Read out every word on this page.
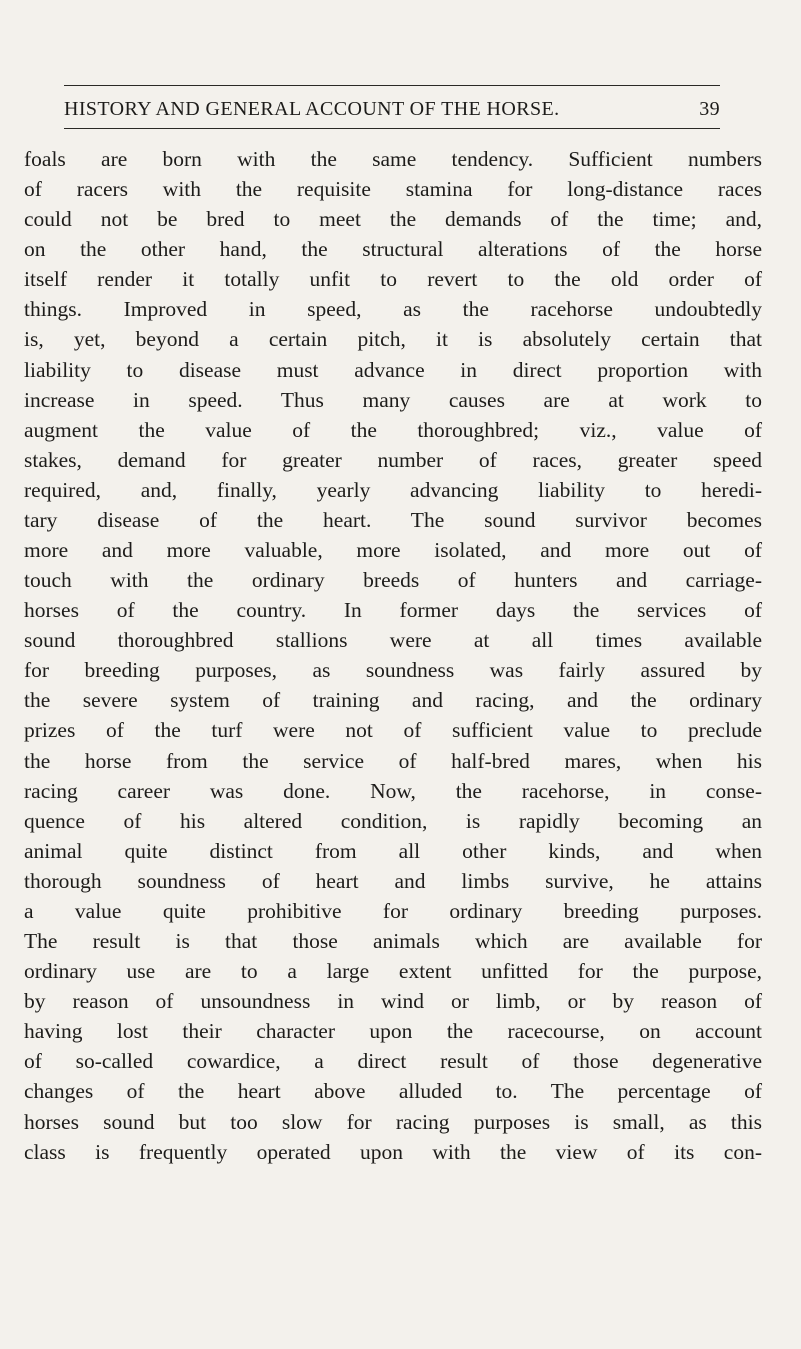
HISTORY AND GENERAL ACCOUNT OF THE HORSE.	39
foals are born with the same tendency. Sufficient numbers
of racers with the requisite stamina for long-distance races
could not be bred to meet the demands of the time; and,
on the other hand, the structural alterations of the horse
itself render it totally unfit to revert to the old order of
things. Improved in speed, as the racehorse undoubtedly
is, yet, beyond a certain pitch, it is absolutely certain that
liability to disease must advance in direct proportion with
increase in speed. Thus many causes are at work to
augment the value of the thoroughbred; viz., value of
stakes, demand for greater number of races, greater speed
required, and, finally, yearly advancing liability to heredi-
tary disease of the heart. The sound survivor becomes
more and more valuable, more isolated, and more out of
touch with the ordinary breeds of hunters and carriage-
horses of the country. In former days the services of
sound thoroughbred stallions were at all times available
for breeding purposes, as soundness was fairly assured by
the severe system of training and racing, and the ordinary
prizes of the turf were not of sufficient value to preclude
the horse from the service of half-bred mares, when his
racing career was done. Now, the racehorse, in conse-
quence of his altered condition, is rapidly becoming an
animal quite distinct from all other kinds, and when
thorough soundness of heart and limbs survive, he attains
a value quite prohibitive for ordinary breeding purposes.
The result is that those animals which are available for
ordinary use are to a large extent unfitted for the purpose,
by reason of unsoundness in wind or limb, or by reason of
having lost their character upon the racecourse, on account
of so-called cowardice, a direct result of those degenerative
changes of the heart above alluded to. The percentage of
horses sound but too slow for racing purposes is small, as this
class is frequently operated upon with the view of its con-
